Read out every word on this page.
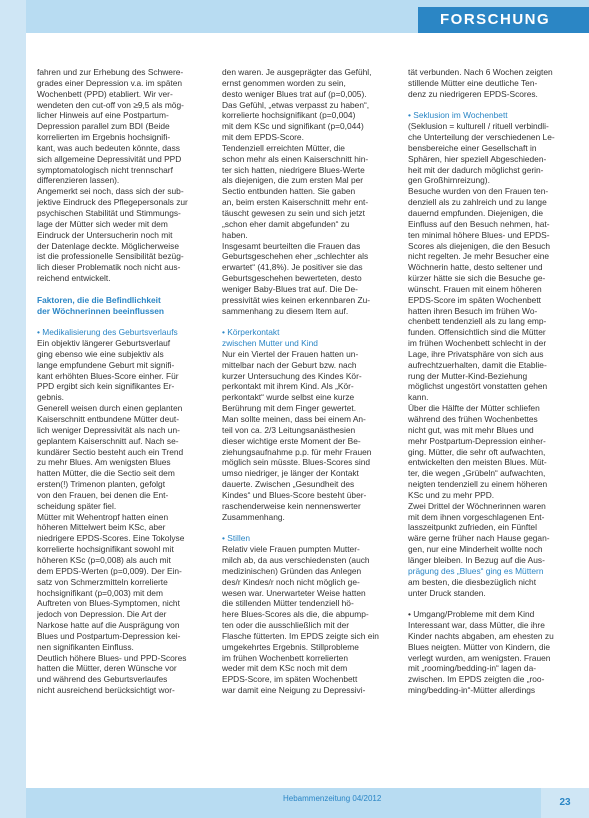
FORSCHUNG

fahren und zur Erhebung des Schwere-

grades einer Depression v.a. im späten

Wochenbett (PPD) etabliert. Wir ver-

wendeten den cut-off von ≥9,5 als mög-

licher Hinweis auf eine Postpartum-

Depression parallel zum BDI (Beide

korrelierten im Ergebnis hochsignifi-

kant, was auch bedeuten könnte, dass

sich allgemeine Depressivität und PPD

symptomatologisch nicht trennscharf

differenzieren lassen).

Angemerkt sei noch, dass sich der sub-

jektive Eindruck des Pflegepersonals zur

psychischen Stabilität und Stimmungs-

lage der Mütter sich weder mit dem

Eindruck der Untersucherin noch mit

der Datenlage deckte. Möglicherweise

ist die professionelle Sensibilität bezüg-

lich dieser Problematik noch nicht aus-

reichend entwickelt.

Faktoren, die die Befindlichkeit

der Wöchnerinnen beeinflussen

• Medikalisierung des Geburtsverlaufs

Ein objektiv längerer Geburtsverlauf

ging ebenso wie eine subjektiv als

lange empfundene Geburt mit signifi-

kant erhöhten Blues-Score einher. Für

PPD ergibt sich kein signifikantes Er-

gebnis.

Generell weisen durch einen geplanten

Kaiserschnitt entbundene Mütter deut-

lich weniger Depressivität als nach un-

geplantem Kaiserschnitt auf. Nach se-

kundärer Sectio besteht auch ein Trend

zu mehr Blues. Am wenigsten Blues

hatten Mütter, die die Sectio seit dem

ersten(!) Trimenon planten, gefolgt

von den Frauen, bei denen die Ent-

scheidung später fiel.

Mütter mit Wehentropf hatten einen

höheren Mittelwert beim KSc, aber

niedrigere EPDS-Scores. Eine Tokolyse

korrelierte hochsignifikant sowohl mit

höheren KSc (p=0,008) als auch mit

dem EPDS-Werten (p=0,009). Der Ein-

satz von Schmerzmitteln korrelierte

hochsignifikant (p=0,003) mit dem

Auftreten von Blues-Symptomen, nicht

jedoch von Depression. Die Art der

Narkose hatte auf die Ausprägung von

Blues und Postpartum-Depression kei-

nen signifikanten Einfluss.

Deutlich höhere Blues- und PPD-Scores

hatten die Mütter, deren Wünsche vor

und während des Geburtsverlaufes

nicht ausreichend berücksichtigt wor-

den waren. Je ausgeprägter das Gefühl,

ernst genommen worden zu sein,

desto weniger Blues trat auf (p=0,005).

Das Gefühl, „etwas verpasst zu haben“,

korrelierte hochsignifikant (p=0,004)

mit dem KSc und signifikant (p=0,044)

mit dem EPDS-Score.

Tendenziell erreichten Mütter, die

schon mehr als einen Kaiserschnitt hin-

ter sich hatten, niedrigere Blues-Werte

als diejenigen, die zum ersten Mal per

Sectio entbunden hatten. Sie gaben

an, beim ersten Kaiserschnitt mehr ent-

täuscht gewesen zu sein und sich jetzt

„schon eher damit abgefunden“ zu

haben.

Insgesamt beurteilten die Frauen das

Geburtsgeschehen eher „schlechter als

erwartet“ (41,8%). Je positiver sie das

Geburtsgeschehen bewerteten, desto

weniger Baby-Blues trat auf. Die De-

pressivität wies keinen erkennbaren Zu-

sammenhang zu diesem Item auf.

• Körperkontakt

zwischen Mutter und Kind

Nur ein Viertel der Frauen hatten un-

mittelbar nach der Geburt bzw. nach

kurzer Untersuchung des Kindes Kör-

perkontakt mit ihrem Kind. Als „Kör-

perkontakt“ wurde selbst eine kurze

Berührung mit dem Finger gewertet.

Man sollte meinen, dass bei einem An-

teil von ca. 2/3 Leitungsanästhesien

dieser wichtige erste Moment der Be-

ziehungsaufnahme p.p. für mehr Frauen

möglich sein müsste. Blues-Scores sind

umso niedriger, je länger der Kontakt

dauerte. Zwischen „Gesundheit des

Kindes“ und Blues-Score besteht über-

raschenderweise kein nennenswerter

Zusammenhang.

• Stillen

Relativ viele Frauen pumpten Mutter-

milch ab, da aus verschiedensten (auch

medizinischen) Gründen das Anlegen

des/r Kindes/r noch nicht möglich ge-

wesen war. Unerwarteter Weise hatten

die stillenden Mütter tendenziell hö-

here Blues-Scores als die, die abpump-

ten oder die ausschließlich mit der

Flasche fütterten. Im EPDS zeigte sich ein

umgekehrtes Ergebnis. Stillprobleme

im frühen Wochenbett korrelierten

weder mit dem KSc noch mit dem

EPDS-Score, im späten Wochenbett

war damit eine Neigung zu Depressivi-

tät verbunden. Nach 6 Wochen zeigten

stillende Mütter eine deutliche Ten-

denz zu niedrigeren EPDS-Scores.

• Seklusion im Wochenbett

(Seklusion = kulturell / rituell verbindli-

che Unterteilung der verschiedenen Le-

bensbereiche einer Gesellschaft in

Sphären, hier speziell Abgeschieden-

heit mit der dadurch möglichst gerin-

gen Großhirnreizung).

Besuche wurden von den Frauen ten-

denziell als zu zahlreich und zu lange

dauernd empfunden. Diejenigen, die

Einfluss auf den Besuch nehmen, hat-

ten minimal höhere Blues- und EPDS-

Scores als diejenigen, die den Besuch

nicht regelten. Je mehr Besucher eine

Wöchnerin hatte, desto seltener und

kürzer hätte sie sich die Besuche ge-

wünscht. Frauen mit einem höheren

EPDS-Score im späten Wochenbett

hatten ihren Besuch im frühen Wo-

chenbett tendenziell als zu lang emp-

funden. Offensichtlich sind die Mütter

im frühen Wochenbett schlecht in der

Lage, ihre Privatsphäre von sich aus

aufrechtzuerhalten, damit die Etablie-

rung der Mutter-Kind-Beziehung

möglichst ungestört vonstatten gehen

kann.

Über die Hälfte der Mütter schliefen

während des frühen Wochenbettes

nicht gut, was mit mehr Blues und

mehr Postpartum-Depression einher-

ging. Mütter, die sehr oft aufwachten,

entwickelten den meisten Blues. Müt-

ter, die wegen „Grübeln“ aufwachten,

neigten tendenziell zu einem höheren

KSc und zu mehr PPD.

Zwei Drittel der Wöchnerinnen waren

mit dem ihnen vorgeschlagenen Ent-

lasszeitpunkt zufrieden, ein Fünftel

wäre gerne früher nach Hause gegan-

gen, nur eine Minderheit wollte noch

länger bleiben. In Bezug auf die Aus-

prägung des „Blues“ ging es Müttern

am besten, die diesbezüglich nicht

unter Druck standen.

• Umgang/Probleme mit dem Kind

Interessant war, dass Mütter, die ihre

Kinder nachts abgaben, am ehesten zu

Blues neigten. Mütter von Kindern, die

verlegt wurden, am wenigsten. Frauen

mit „rooming/bedding-in“ lagen da-

zwischen. Im EPDS zeigten die „roo-

ming/bedding-in“-Mütter allerdings

Hebammenzeitung 04/2012	23
